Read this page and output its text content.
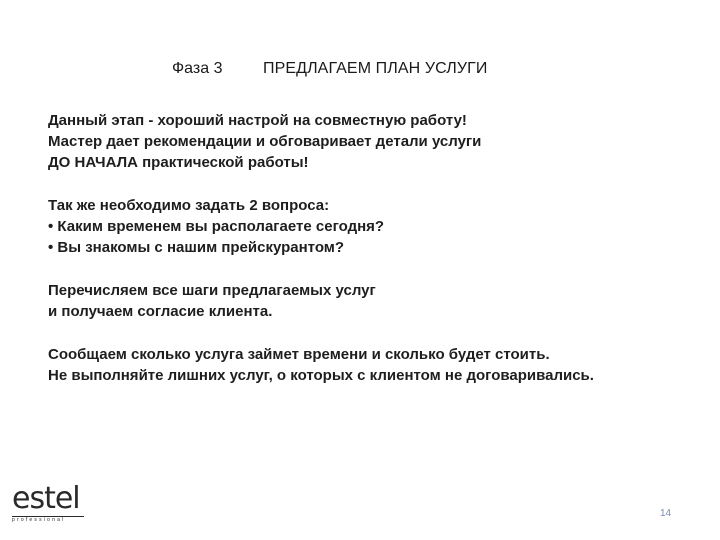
Фаза 3	ПРЕДЛАГАЕМ ПЛАН УСЛУГИ
Данный этап - хороший настрой на совместную работу!
Мастер дает рекомендации и обговаривает детали услуги
ДО НАЧАЛА практической работы!
Так же необходимо задать 2 вопроса:
• Каким временем вы располагаете сегодня?
• Вы знакомы с нашим прейскурантом?
Перечисляем все шаги предлагаемых услуг
и получаем согласие клиента.
Сообщаем сколько услуга займет времени и сколько будет стоить.
Не выполняйте лишних услуг, о которых с клиентом не договаривались.
estel
professional
14
